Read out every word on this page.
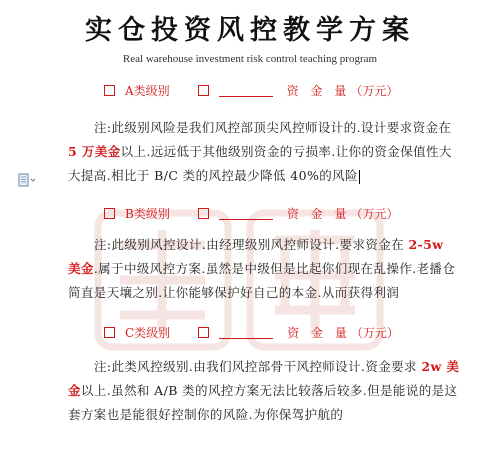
实仓投资风控教学方案
Real warehouse investment risk control teaching program
A类级别	资 金 量 （万元）
注:此级别风险是我们风控部顶尖风控师设计的.设计要求资金在 5 万美金以上.远远低于其他级别资金的亏损率.让你的资金保值性大大提高.相比于 B/C 类的风控最少降低 40%的风险
B类级别	资 金 量 （万元）
注:此级别风控设计.由经理级别风控师设计.要求资金在 2-5w 美金.属于中级风控方案.虽然是中级但是比起你们现在乱操作.老播仓简直是天壤之别.让你能够保护好自己的本金.从而获得利润
C类级别	资 金 量 （万元）
注:此类风控级别.由我们风控部骨干风控师设计.资金要求 2w 美金以上.虽然和 A/B 类的风控方案无法比较落后较多.但是能说的是这套方案也是能很好控制你的风险.为你保驾护航的
